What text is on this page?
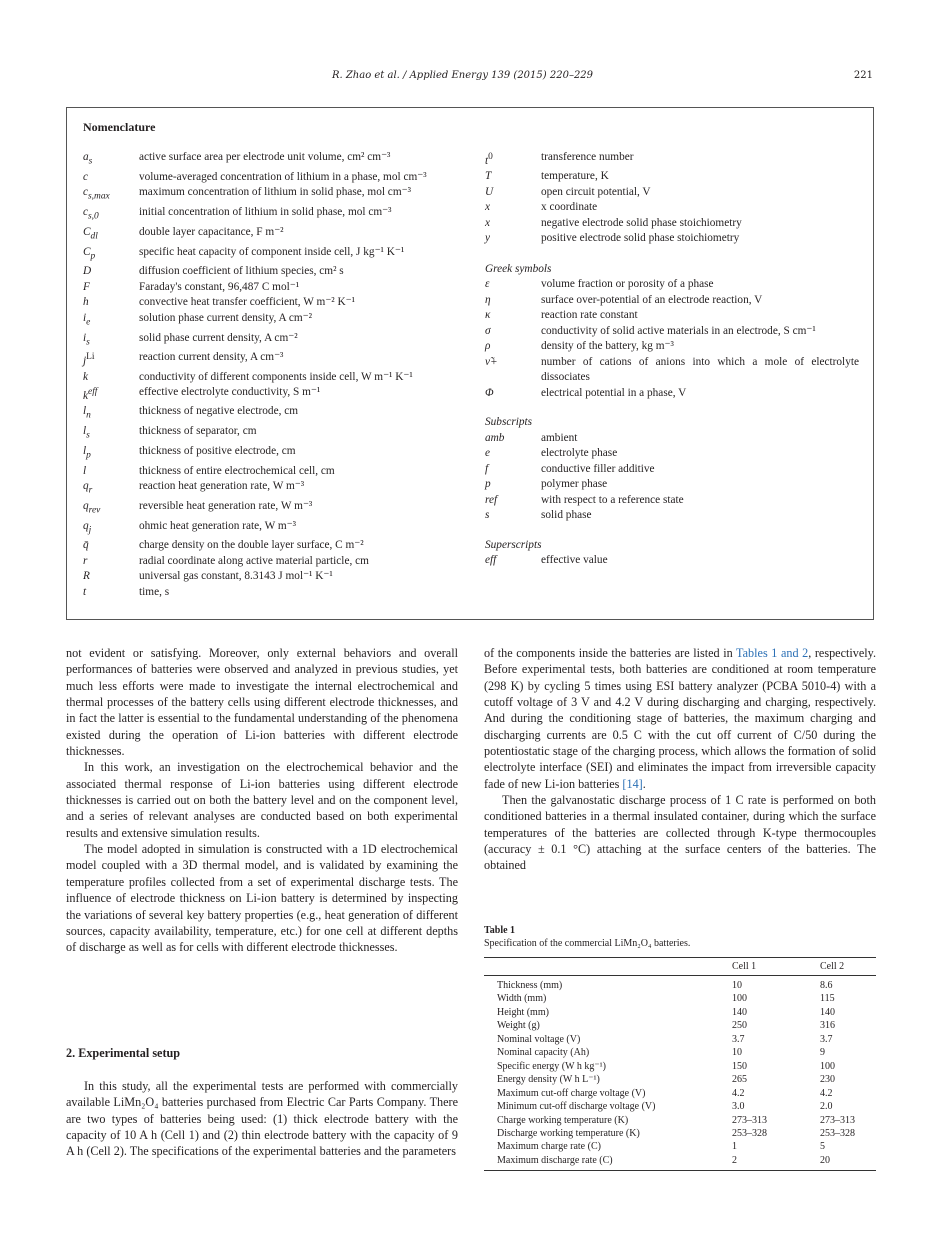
R. Zhao et al. / Applied Energy 139 (2015) 220–229	221
Nomenclature
$a_s$	active surface area per electrode unit volume, cm² cm⁻³
c	volume-averaged concentration of lithium in a phase, mol cm⁻³
$c_{s,max}$	maximum concentration of lithium in solid phase, mol cm⁻³
$c_{s,0}$	initial concentration of lithium in solid phase, mol cm⁻³
$C_{dl}$	double layer capacitance, F m⁻²
$C_p$	specific heat capacity of component inside cell, J kg⁻¹ K⁻¹
D	diffusion coefficient of lithium species, cm² s
F	Faraday's constant, 96,487 C mol⁻¹
h	convective heat transfer coefficient, W m⁻² K⁻¹
$i_e$	solution phase current density, A cm⁻²
$i_s$	solid phase current density, A cm⁻²
$j^{Li}$	reaction current density, A cm⁻³
k	conductivity of different components inside cell, W m⁻¹ K⁻¹
$k^{eff}$	effective electrolyte conductivity, S m⁻¹
$l_n$	thickness of negative electrode, cm
$l_s$	thickness of separator, cm
$l_p$	thickness of positive electrode, cm
l	thickness of entire electrochemical cell, cm
$q_r$	reaction heat generation rate, W m⁻³
$q_{rev}$	reversible heat generation rate, W m⁻³
$q_j$	ohmic heat generation rate, W m⁻³
q̄	charge density on the double layer surface, C m⁻²
r	radial coordinate along active material particle, cm
R	universal gas constant, 8.3143 J mol⁻¹ K⁻¹
t	time, s
$t^0$	transference number
T	temperature, K
U	open circuit potential, V
x	x coordinate
x	negative electrode solid phase stoichiometry
y	positive electrode solid phase stoichiometry
Greek symbols
ε	volume fraction or porosity of a phase
η	surface over-potential of an electrode reaction, V
κ	reaction rate constant
σ	conductivity of solid active materials in an electrode, S cm⁻¹
ρ	density of the battery, kg m⁻³
ν̃+	number of cations of anions into which a mole of electrolyte dissociates
Φ	electrical potential in a phase, V
Subscripts
amb	ambient
e	electrolyte phase
f	conductive filler additive
p	polymer phase
ref	with respect to a reference state
s	solid phase
Superscripts
eff	effective value

not evident or satisfying. Moreover, only external behaviors and overall performances of batteries were observed and analyzed in previous studies, yet much less efforts were made to investigate the internal electrochemical and thermal processes of the battery cells using different electrode thicknesses, and in fact the latter is essential to the fundamental understanding of the phenomena existed during the operation of Li-ion batteries with different electrode thicknesses.

In this work, an investigation on the electrochemical behavior and the associated thermal response of Li-ion batteries using different electrode thicknesses is carried out on both the battery level and on the component level, and a series of relevant analyses are conducted based on both experimental results and extensive simulation results.

The model adopted in simulation is constructed with a 1D electrochemical model coupled with a 3D thermal model, and is validated by examining the temperature profiles collected from a set of experimental discharge tests. The influence of electrode thickness on Li-ion battery is determined by inspecting the variations of several key battery properties (e.g., heat generation of different sources, capacity availability, temperature, etc.) for one cell at different depths of discharge as well as for cells with different electrode thicknesses.

2. Experimental setup

In this study, all the experimental tests are performed with commercially available LiMn₂O₄ batteries purchased from Electric Car Parts Company. There are two types of batteries being used: (1) thick electrode battery with the capacity of 10 A h (Cell 1) and (2) thin electrode battery with the capacity of 9 A h (Cell 2). The specifications of the experimental batteries and the parameters

of the components inside the batteries are listed in Tables 1 and 2, respectively. Before experimental tests, both batteries are conditioned at room temperature (298 K) by cycling 5 times using ESI battery analyzer (PCBA 5010-4) with a cutoff voltage of 3 V and 4.2 V during discharging and charging, respectively. And during the conditioning stage of batteries, the maximum charging and discharging currents are 0.5 C with the cut off current of C/50 during the potentiostatic stage of the charging process, which allows the formation of solid electrolyte interface (SEI) and eliminates the impact from irreversible capacity fade of new Li-ion batteries [14].

Then the galvanostatic discharge process of 1 C rate is performed on both conditioned batteries in a thermal insulated container, during which the surface temperatures of the batteries are collected through K-type thermocouples (accuracy ± 0.1 °C) attaching at the surface centers of the batteries. The obtained

Table 1
Specification of the commercial LiMn₂O₄ batteries.
	Cell 1	Cell 2
Thickness (mm)	10	8.6
Width (mm)	100	115
Height (mm)	140	140
Weight (g)	250	316
Nominal voltage (V)	3.7	3.7
Nominal capacity (Ah)	10	9
Specific energy (W h kg⁻¹)	150	100
Energy density (W h L⁻¹)	265	230
Maximum cut-off charge voltage (V)	4.2	4.2
Minimum cut-off discharge voltage (V)	3.0	2.0
Charge working temperature (K)	273–313	273–313
Discharge working temperature (K)	253–328	253–328
Maximum charge rate (C)	1	5
Maximum discharge rate (C)	2	20
